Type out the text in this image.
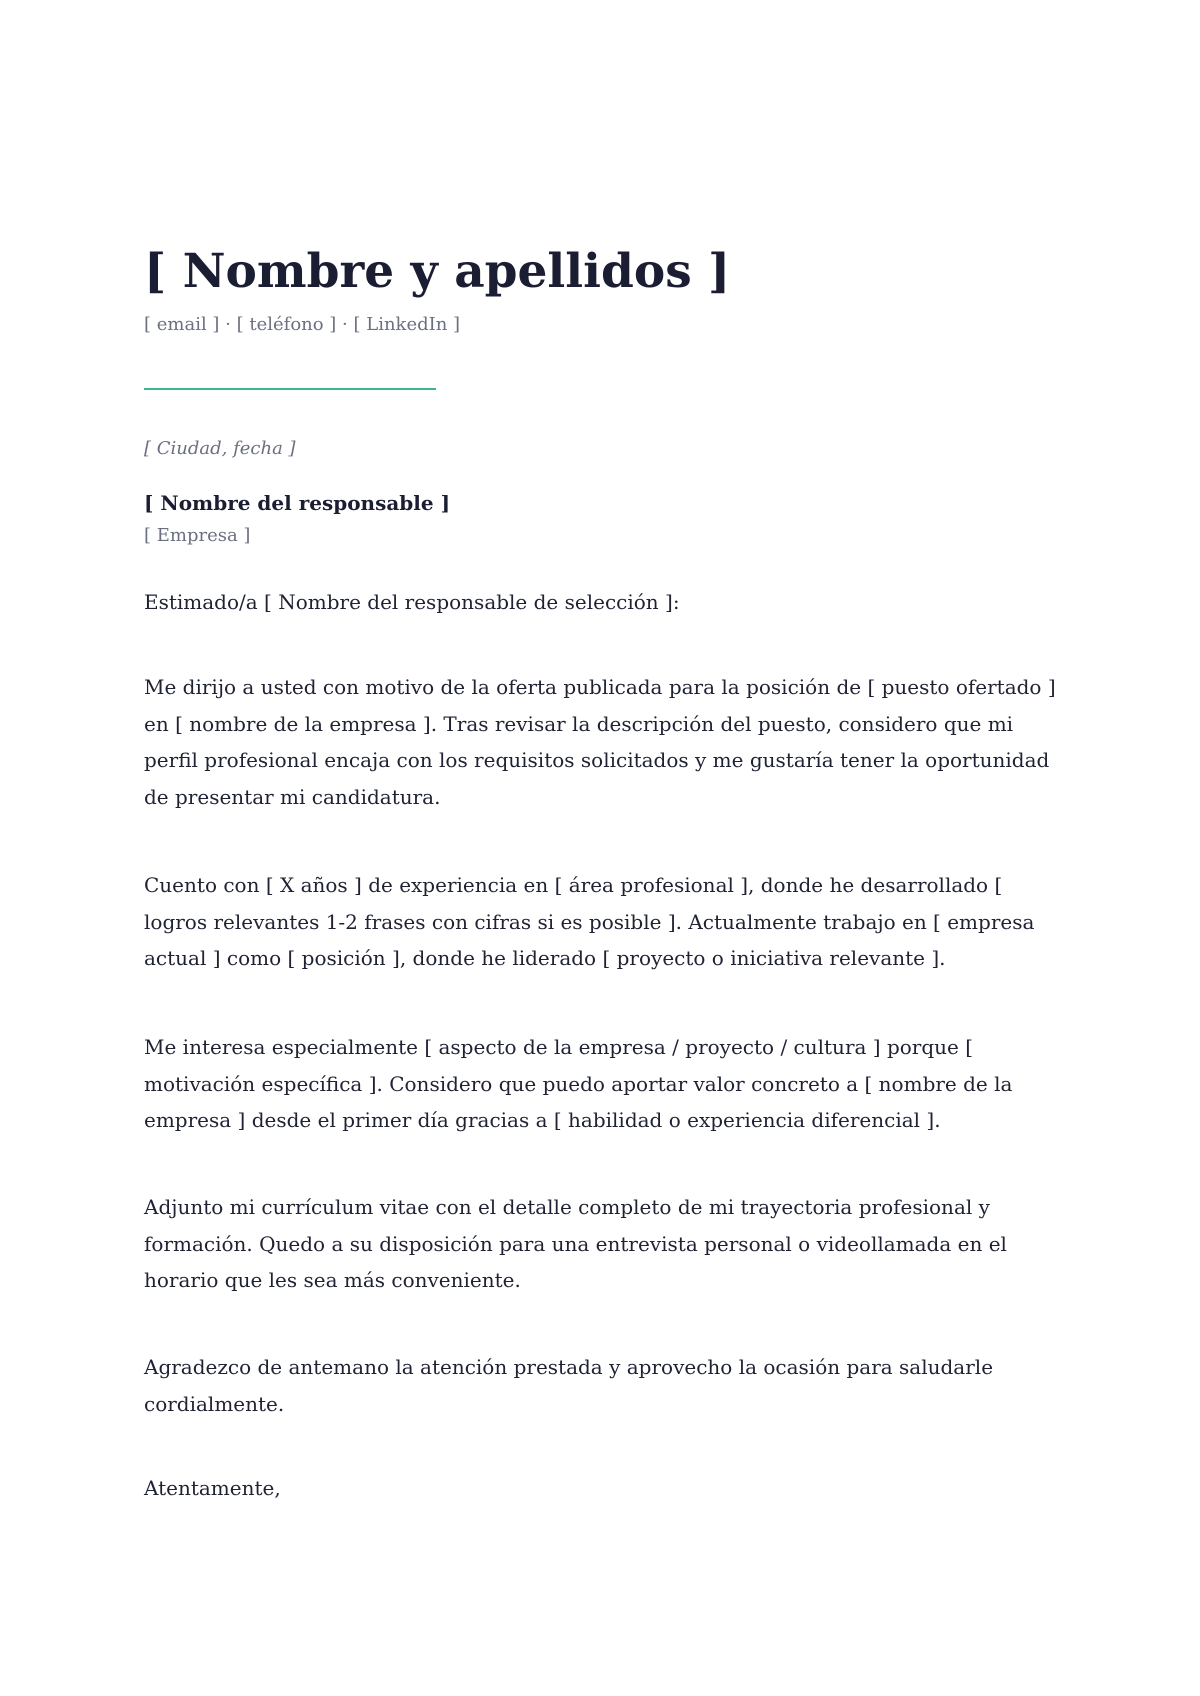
[ Nombre y apellidos ]
[ email ] · [ teléfono ] · [ LinkedIn ]
[ Ciudad, fecha ]
[ Nombre del responsable ]
[ Empresa ]
Estimado/a [ Nombre del responsable de selección ]:

Me dirijo a usted con motivo de la oferta publicada para la posición de [ puesto ofertado ] en [ nombre de la empresa ]. Tras revisar la descripción del puesto, considero que mi perfil profesional encaja con los requisitos solicitados y me gustaría tener la oportunidad de presentar mi candidatura.

Cuento con [ X años ] de experiencia en [ área profesional ], donde he desarrollado [ logros relevantes 1-2 frases con cifras si es posible ]. Actualmente trabajo en [ empresa actual ] como [ posición ], donde he liderado [ proyecto o iniciativa relevante ].

Me interesa especialmente [ aspecto de la empresa / proyecto / cultura ] porque [ motivación específica ]. Considero que puedo aportar valor concreto a [ nombre de la empresa ] desde el primer día gracias a [ habilidad o experiencia diferencial ].

Adjunto mi currículum vitae con el detalle completo de mi trayectoria profesional y formación. Quedo a su disposición para una entrevista personal o videollamada en el horario que les sea más conveniente.

Agradezco de antemano la atención prestada y aprovecho la ocasión para saludarle cordialmente.

Atentamente,
